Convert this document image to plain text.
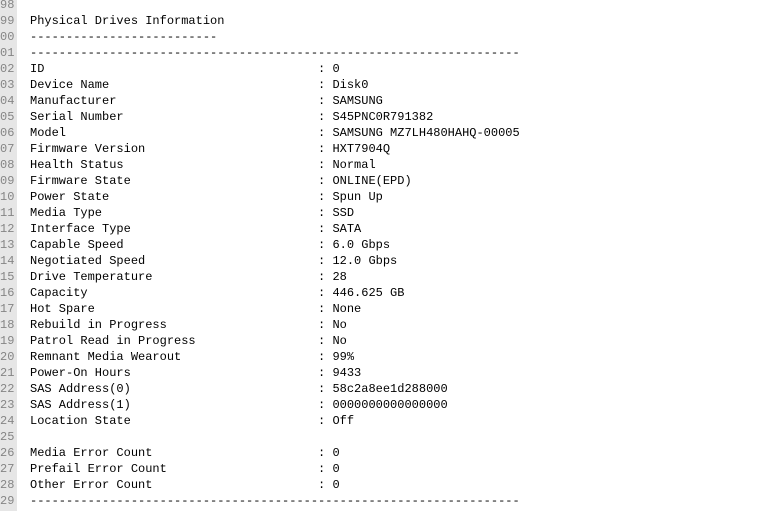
98
99
00
01
02
03
04
05
06
07
08
09
10
11
12
13
14
15
16
17
18
19
20
21
22
23
24
25
26
27
28
29
Physical Drives Information
--------------------------
--------------------------------------------------------------------
ID                                      : 0
Device Name                             : Disk0
Manufacturer                            : SAMSUNG
Serial Number                           : S45PNC0R791382
Model                                   : SAMSUNG MZ7LH480HAHQ-00005
Firmware Version                        : HXT7904Q
Health Status                           : Normal
Firmware State                          : ONLINE(EPD)
Power State                             : Spun Up
Media Type                              : SSD
Interface Type                          : SATA
Capable Speed                           : 6.0 Gbps
Negotiated Speed                        : 12.0 Gbps
Drive Temperature                       : 28
Capacity                                : 446.625 GB
Hot Spare                               : None
Rebuild in Progress                     : No
Patrol Read in Progress                 : No
Remnant Media Wearout                   : 99%
Power-On Hours                          : 9433
SAS Address(0)                          : 58c2a8ee1d288000
SAS Address(1)                          : 0000000000000000
Location State                          : Off
Media Error Count                       : 0
Prefail Error Count                     : 0
Other Error Count                       : 0
--------------------------------------------------------------------
